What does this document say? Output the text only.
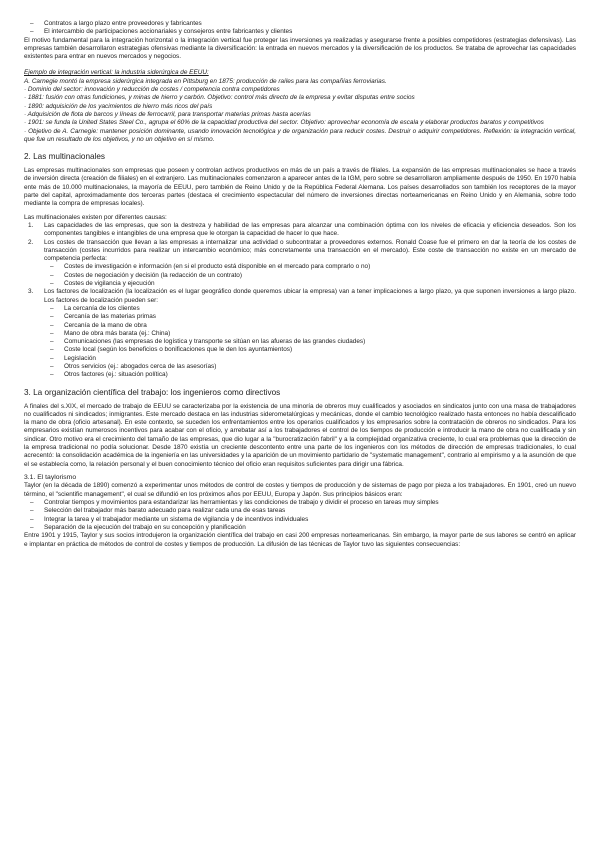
– Contratos a largo plazo entre proveedores y fabricantes
– El intercambio de participaciones accionariales y consejeros entre fabricantes y clientes

El motivo fundamental para la integración horizontal o la integración vertical fue proteger las inversiones ya realizadas y asegurarse frente a posibles competidores (estrategias defensivas). Las empresas también desarrollaron estrategias ofensivas mediante la diversificación: la entrada en nuevos mercados y la diversificación de los productos. Se trataba de aprovechar las capacidades existentes para entrar en nuevos mercados y negocios.

Ejemplo de integración vertical: la industria siderúrgica de EEUU:

A. Carnegie montó la empresa siderúrgica integrada en Pittsburg en 1875: producción de raíles para las compañías ferroviarias.

· Dominio del sector: innovación y reducción de costes / competencia contra competidores

· 1881: fusión con otras fundiciones, y minas de hierro y carbón. Objetivo: control más directo de la empresa y evitar disputas entre socios

· 1890: adquisición de los yacimientos de hierro más ricos del país

· Adquisición de flota de barcos y líneas de ferrocarril, para transportar materias primas hasta acerías

· 1901: se funda la United States Steel Co., agrupa el 60% de la capacidad productiva del sector. Objetivo: aprovechar economía de escala y elaborar productos baratos y competitivos

· Objetivo de A. Carnegie: mantener posición dominante, usando innovación tecnológica y de organización para reducir costes. Destruir o adquirir competidores. Reflexión: la integración vertical, que fue un resultado de los objetivos, y no un objetivo en sí mismo.

2. Las multinacionales

Las empresas multinacionales son empresas que poseen y controlan activos productivos en más de un país a través de filiales. La expansión de las empresas multinacionales se hace a través de inversión directa (creación de filiales) en el extranjero. Las multinacionales comenzaron a aparecer antes de la IGM, pero sobre se desarrollaron ampliamente después de 1950. En 1970 había ente más de 10.000 multinacionales, la mayoría de EEUU, pero también de Reino Unido y de la República Federal Alemana. Los países desarrollados son también los receptores de la mayor parte del capital, aproximadamente dos terceras partes (destaca el crecimiento espectacular del número de inversiones directas norteamericanas en Reino Unido y en Alemania, sobre todo mediante la compra de empresas locales).

Las multinacionales existen por diferentes causas:

1. Las capacidades de las empresas, que son la destreza y habilidad de las empresas para alcanzar una combinación óptima con los niveles de eficacia y eficiencia deseados. Son los componentes tangibles e intangibles de una empresa que le otorgan la capacidad de hacer lo que hace.
2. Los costes de transacción que llevan a las empresas a internalizar una actividad o subcontratar a proveedores externos. Ronald Coase fue el primero en dar la teoría de los costes de transacción (costes incurridos para realizar un intercambio económico; más concretamente una transacción en el mercado). Este coste de transacción no existe en un mercado de competencia perfecta:
– Costes de investigación e información (en si el producto está disponible en el mercado para comprarlo o no)
– Costes de negociación y decisión (la redacción de un contrato)
– Costes de vigilancia y ejecución
3. Los factores de localización (la localización es el lugar geográfico donde queremos ubicar la empresa) van a tener implicaciones a largo plazo, ya que suponen inversiones a largo plazo. Los factores de localización pueden ser:
– La cercanía de los clientes
– Cercanía de las materias primas
– Cercanía de la mano de obra
– Mano de obra más barata (ej.: China)
– Comunicaciones (las empresas de logística y transporte se sitúan en las afueras de las grandes ciudades)
– Coste local (según los beneficios o bonificaciones que le den los ayuntamientos)
– Legislación
– Otros servicios (ej.: abogados cerca de las asesorías)
– Otros factores (ej.: situación política)
3. La organización científica del trabajo: los ingenieros como directivos

A finales del s.XIX, el mercado de trabajo de EEUU se caracterizaba por la existencia de una minoría de obreros muy cualificados y asociados en sindicatos junto con una masa de trabajadores no cualificados ni sindicados; inmigrantes. Este mercado destaca en las industrias siderometalúrgicas y mecánicas, donde el cambio tecnológico realizado hasta entonces no había descalificado la mano de obra (oficio artesanal). En este contexto, se suceden los enfrentamientos entre los operarios cualificados y los empresarios sobre la contratación de obreros no sindicados. Para los empresarios existían numerosos incentivos para acabar con el oficio, y arrebatar así a los trabajadores el control de los tiempos de producción e introducir la mano de obra no cualificada y sin sindicar. Otro motivo era el crecimiento del tamaño de las empresas, que dio lugar a la "burocratización fabril" y a la complejidad organizativa creciente, lo cual era problemas que la dirección de la empresa tradicional no podía solucionar. Desde 1870 existía un creciente descontento entre una parte de los ingenieros con los métodos de dirección de empresas tradicionales, lo cual acrecentó: la consolidación académica de la ingeniería en las universidades y la aparición de un movimiento partidario de "systematic management", contrario al empirismo y a la asunción de que el se establecía como, la relación personal y el buen conocimiento técnico del oficio eran requisitos suficientes para dirigir una fábrica.

3.1. El taylorismo

Taylor (en la década de 1890) comenzó a experimentar unos métodos de control de costes y tiempos de producción y de sistemas de pago por pieza a los trabajadores. En 1901, creó un nuevo término, el "scientific management", el cual se difundió en los próximos años por EEUU, Europa y Japón. Sus principios básicos eran:

– Controlar tiempos y movimientos para estandarizar las herramientas y las condiciones de trabajo y dividir el proceso en tareas muy simples
– Selección del trabajador más barato adecuado para realizar cada una de esas tareas
– Integrar la tarea y el trabajador mediante un sistema de vigilancia y de incentivos individuales
– Separación de la ejecución del trabajo en su concepción y planificación

Entre 1901 y 1915, Taylor y sus socios introdujeron la organización científica del trabajo en casi 200 empresas norteamericanas. Sin embargo, la mayor parte de sus labores se centró en aplicar e implantar en práctica de métodos de control de costes y tiempos de producción. La difusión de las técnicas de Taylor tuvo las siguientes consecuencias:
